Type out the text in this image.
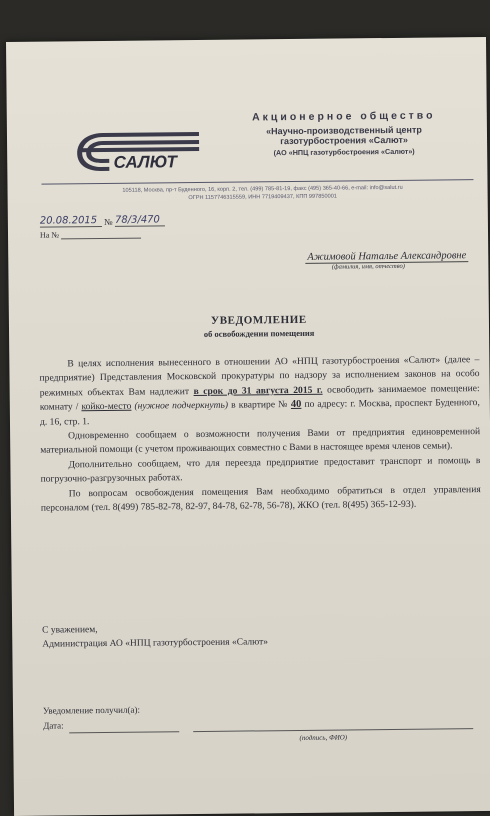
САЛЮТ
Акционерное общество
«Научно-производственный центр
газотурбостроения «Салют»
(АО «НПЦ газотурбостроения «Салют»)
105118, Москва, пр-т Буденного, 16, корп. 2, тел. (499) 785-81-19, факс (495) 365-40-66, e-mail: info@salut.ru
ОГРН 1157746315559, ИНН 7719409437, КПП 997850001
20.08.2015 № 78/3/470
На №
Ажимовой Наталье Александровне
(фамилия, имя, отчество)
УВЕДОМЛЕНИЕ
об освобождении помещения

В целях исполнения вынесенного в отношении АО «НПЦ газотурбостроения «Салют» (далее – предприятие) Представления Московской прокуратуры по надзору за исполнением законов на особо режимных объектах Вам надлежит в срок до 31 августа 2015 г. освободить занимаемое помещение: комнату / койко-место (нужное подчеркнуть) в квартире № 40 по адресу: г. Москва, проспект Буденного, д. 16, стр. 1.

Одновременно сообщаем о возможности получения Вами от предприятия единовременной материальной помощи (с учетом проживающих совместно с Вами в настоящее время членов семьи).

Дополнительно сообщаем, что для переезда предприятие предоставит транспорт и помощь в погрузочно-разгрузочных работах.

По вопросам освобождения помещения Вам необходимо обратиться в отдел управления персоналом (тел. 8(499) 785-82-78, 82-97, 84-78, 62-78, 56-78), ЖКО (тел. 8(495) 365-12-93).

С уважением,
Администрация АО «НПЦ газотурбостроения «Салют»
Уведомление получил(а):
Дата:
(подпись, ФИО)
